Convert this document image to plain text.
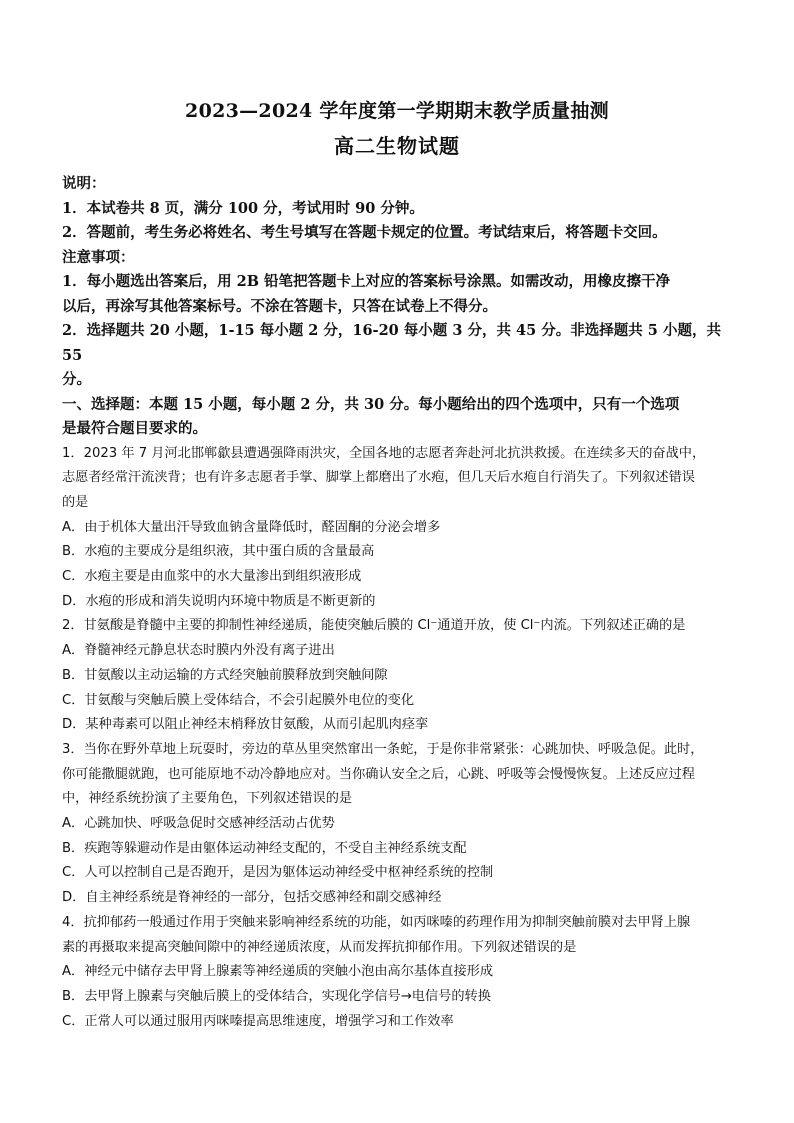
2023—2024 学年度第一学期期末教学质量抽测
高二生物试题

说明：

1．本试卷共 8 页，满分 100 分，考试用时 90 分钟。

2．答题前，考生务必将姓名、考生号填写在答题卡规定的位置。考试结束后，将答题卡交回。

注意事项：

1．每小题选出答案后，用 2B 铅笔把答题卡上对应的答案标号涂黑。如需改动，用橡皮擦干净

以后，再涂写其他答案标号。不涂在答题卡，只答在试卷上不得分。

2．选择题共 20 小题，1-15 每小题 2 分，16-20 每小题 3 分，共 45 分。非选择题共 5 小题，共 55

分。

一、选择题：本题 15 小题，每小题 2 分，共 30 分。每小题给出的四个选项中，只有一个选项

是最符合题目要求的。

1．2023 年 7 月河北邯郸歙县遭遇强降雨洪灾，全国各地的志愿者奔赴河北抗洪救援。在连续多天的奋战中，

志愿者经常汗流浃背；也有许多志愿者手掌、脚掌上都磨出了水疱，但几天后水疱自行消失了。下列叙述错误

的是

A．由于机体大量出汗导致血钠含量降低时，醛固酮的分泌会增多

B．水疱的主要成分是组织液，其中蛋白质的含量最高

C．水疱主要是由血浆中的水大量渗出到组织液形成

D．水疱的形成和消失说明内环境中物质是不断更新的

2．甘氨酸是脊髓中主要的抑制性神经递质，能使突触后膜的 Cl⁻通道开放，使 Cl⁻内流。下列叙述正确的是

A．脊髓神经元静息状态时膜内外没有离子进出

B．甘氨酸以主动运输的方式经突触前膜释放到突触间隙

C．甘氨酸与突触后膜上受体结合，不会引起膜外电位的变化

D．某种毒素可以阻止神经末梢释放甘氨酸，从而引起肌肉痉挛

3．当你在野外草地上玩耍时，旁边的草丛里突然窜出一条蛇，于是你非常紧张：心跳加快、呼吸急促。此时，

你可能撒腿就跑，也可能原地不动冷静地应对。当你确认安全之后，心跳、呼吸等会慢慢恢复。上述反应过程

中，神经系统扮演了主要角色，下列叙述错误的是

A．心跳加快、呼吸急促时交感神经活动占优势

B．疾跑等躲避动作是由躯体运动神经支配的，不受自主神经系统支配

C．人可以控制自己是否跑开，是因为躯体运动神经受中枢神经系统的控制

D．自主神经系统是脊神经的一部分，包括交感神经和副交感神经

4．抗抑郁药一般通过作用于突触来影响神经系统的功能，如丙咪嗪的药理作用为抑制突触前膜对去甲肾上腺

素的再摄取来提高突触间隙中的神经递质浓度，从而发挥抗抑郁作用。下列叙述错误的是

A．神经元中储存去甲肾上腺素等神经递质的突触小泡由高尔基体直接形成

B．去甲肾上腺素与突触后膜上的受体结合，实现化学信号→电信号的转换

C．正常人可以通过服用丙咪嗪提高思维速度，增强学习和工作效率
